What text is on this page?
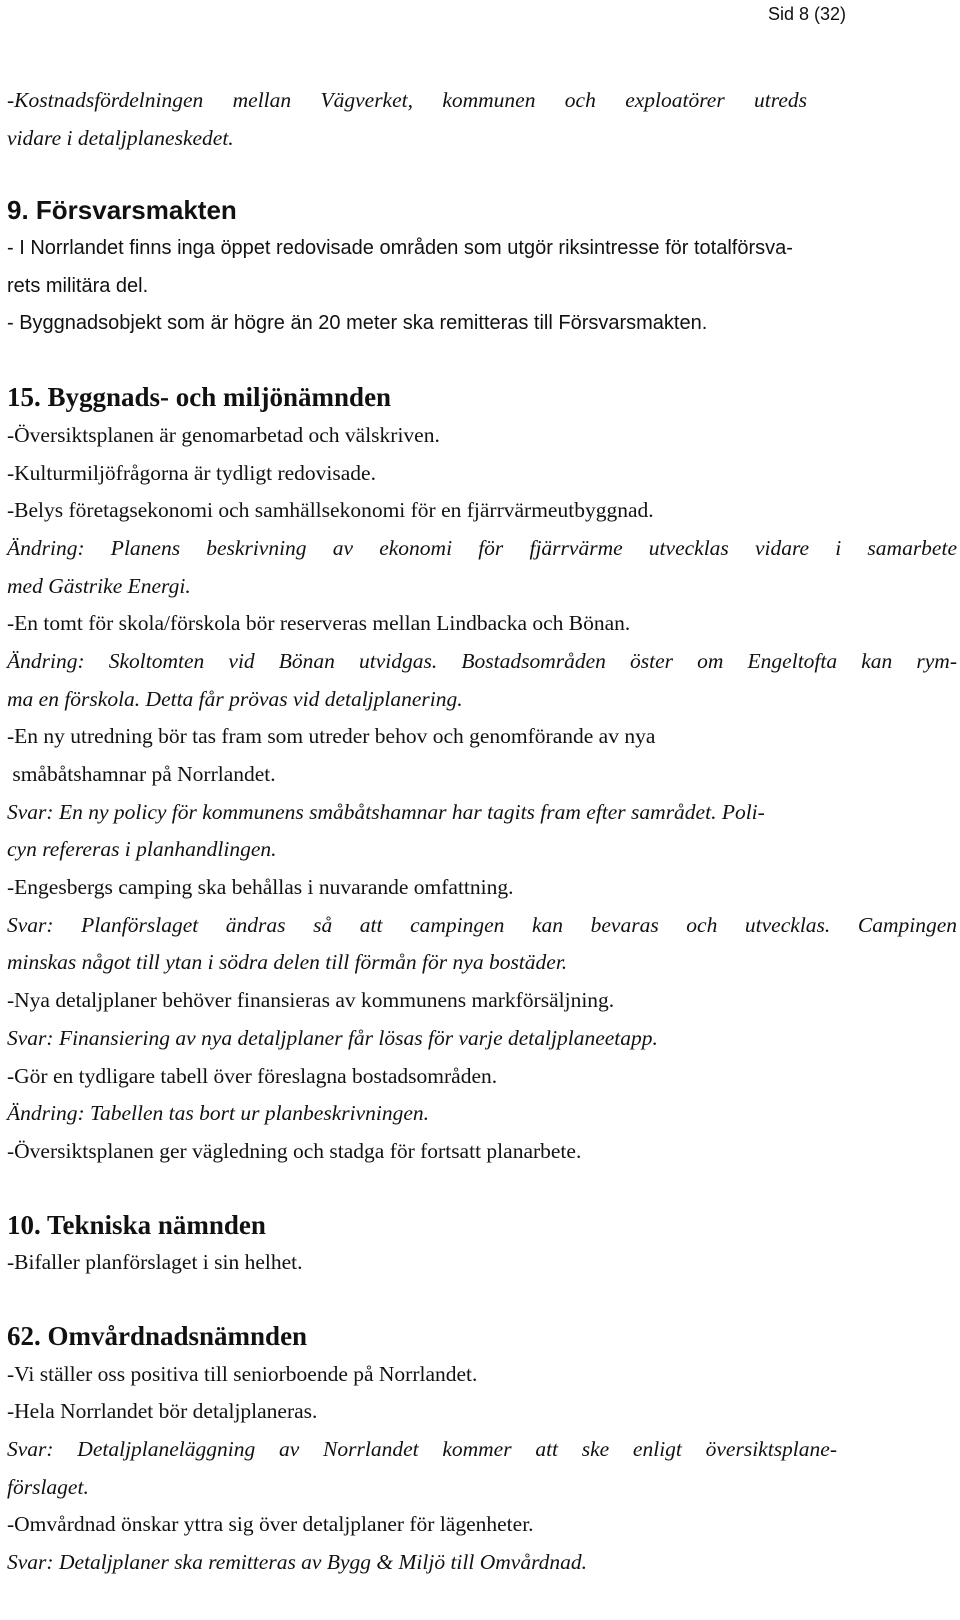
Sid 8 (32)
-Kostnadsfördelningen mellan Vägverket, kommunen och exploatörer utreds
vidare i detaljplaneskedet.
9. Försvarsmakten
- I Norrlandet finns inga öppet redovisade områden som utgör riksintresse för totalförsva-
rets militära del.
- Byggnadsobjekt som är högre än 20 meter ska remitteras till Försvarsmakten.
15. Byggnads- och miljönämnden
-Översiktsplanen är genomarbetad och välskriven.
-Kulturmiljöfrågorna är tydligt redovisade.
-Belys företagsekonomi och samhällsekonomi för en fjärrvärmeutbyggnad.
Ändring: Planens beskrivning av ekonomi för fjärrvärme utvecklas vidare i samarbete
med Gästrike Energi.
-En tomt för skola/förskola bör reserveras mellan Lindbacka och Bönan.
Ändring: Skoltomten vid Bönan utvidgas. Bostadsområden öster om Engeltofta kan rym-
ma en förskola. Detta får prövas vid detaljplanering.
-En ny utredning bör tas fram som utreder behov och genomförande av nya
småbåtshamnar på Norrlandet.
Svar: En ny policy för kommunens småbåtshamnar har tagits fram efter samrådet. Poli-
cyn refereras i planhandlingen.
-Engesbergs camping ska behållas i nuvarande omfattning.
Svar: Planförslaget ändras så att campingen kan bevaras och utvecklas. Campingen
minskas något till ytan i södra delen till förmån för nya bostäder.
-Nya detaljplaner behöver finansieras av kommunens markförsäljning.
Svar: Finansiering av nya detaljplaner får lösas för varje detaljplaneetapp.
-Gör en tydligare tabell över föreslagna bostadsområden.
Ändring: Tabellen tas bort ur planbeskrivningen.
-Översiktsplanen ger vägledning och stadga för fortsatt planarbete.
10. Tekniska nämnden
-Bifaller planförslaget i sin helhet.
62. Omvårdnadsnämnden
-Vi ställer oss positiva till seniorboende på Norrlandet.
-Hela Norrlandet bör detaljplaneras.
Svar: Detaljplaneläggning av Norrlandet kommer att ske enligt översiktsplane-
förslaget.
-Omvårdnad önskar yttra sig över detaljplaner för lägenheter.
Svar: Detaljplaner ska remitteras av Bygg & Miljö till Omvårdnad.
